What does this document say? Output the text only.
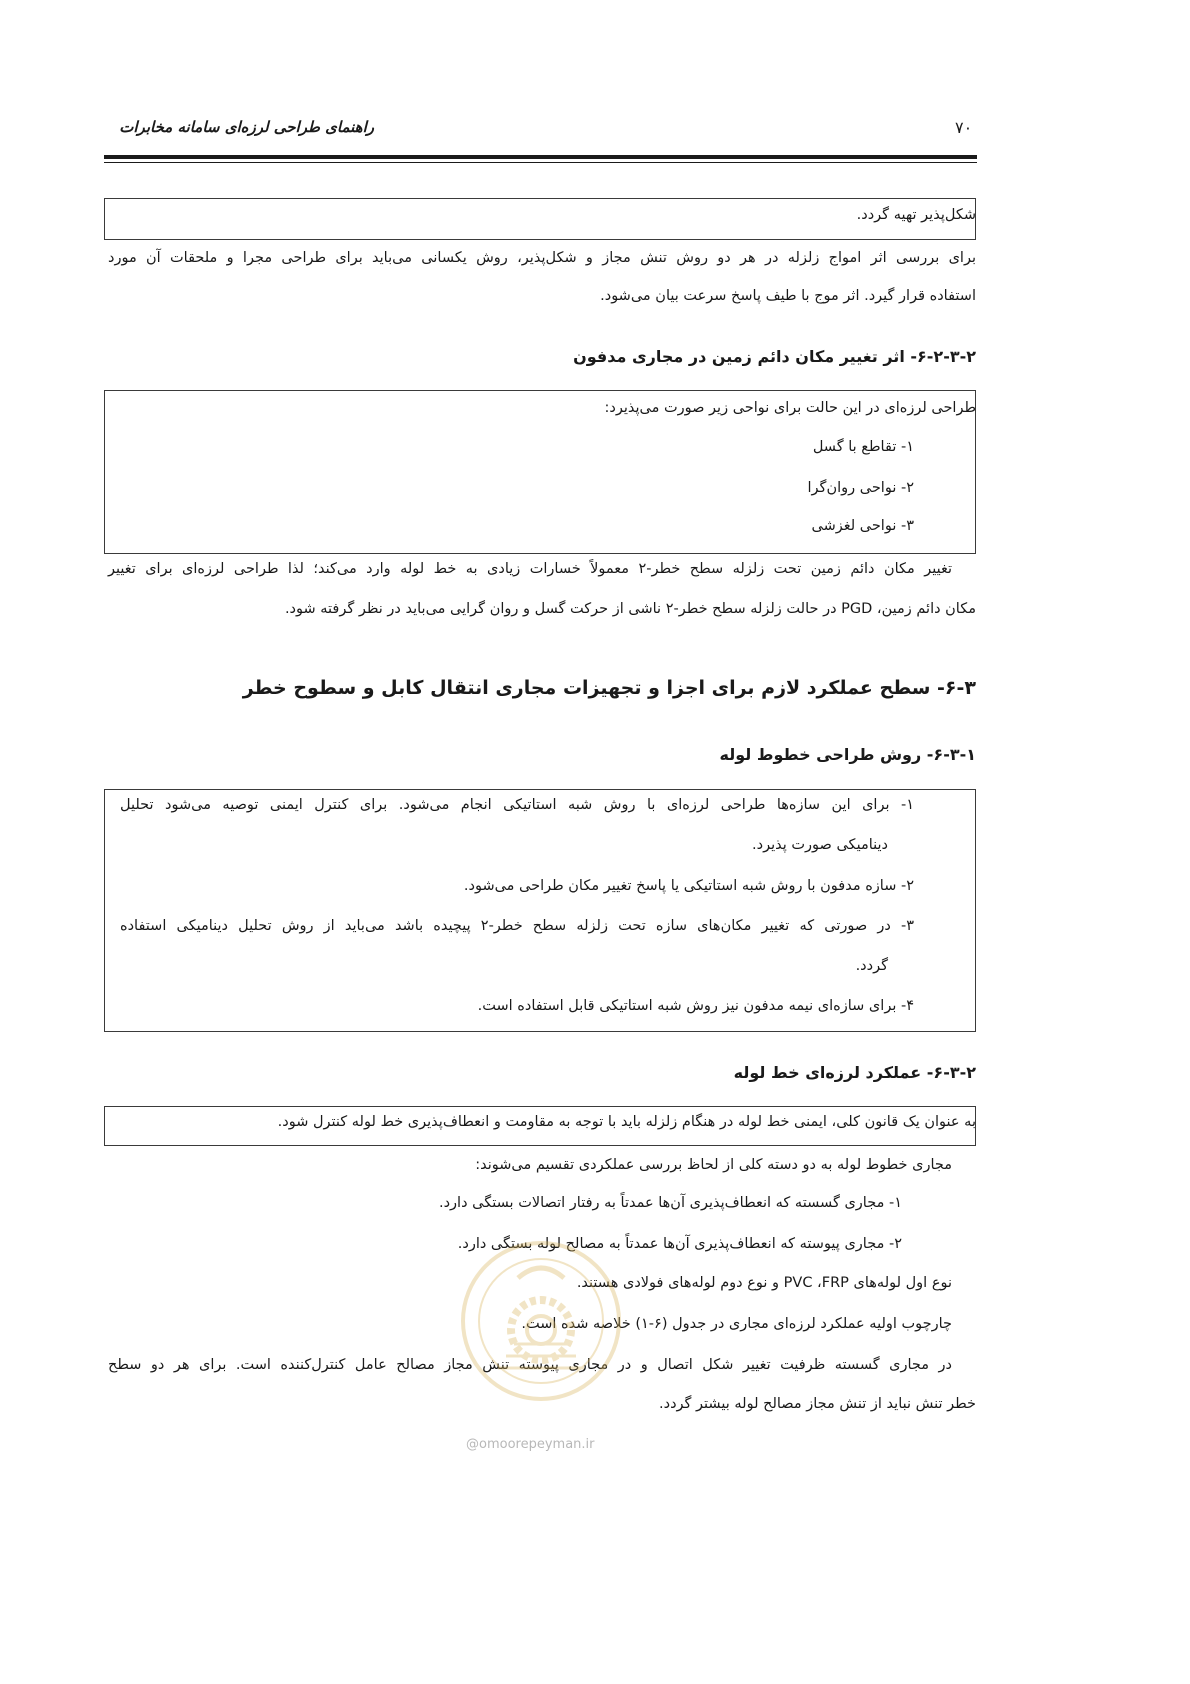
راهنمای طراحی لرزه‌ای سامانه مخابرات	۷۰
شکل‌پذیر تهیه گردد.
برای بررسی اثر امواج زلزله در هر دو روش تنش مجاز و شکل‌پذیر، روش یکسانی می‌باید برای طراحی مجرا و ملحقات آن مورد
استفاده قرار گیرد. اثر موج با طیف پاسخ سرعت بیان می‌شود.
۶-۲-۳-۲- اثر تغییر مکان دائم زمین در مجاری مدفون
طراحی لرزه‌ای در این حالت برای نواحی زیر صورت می‌پذیرد:
۱- تقاطع با گسل
۲- نواحی روان‌گرا
۳- نواحی لغزشی
تغییر مکان دائم زمین تحت زلزله سطح خطر-۲ معمولاً خسارات زیادی به خط لوله وارد می‌کند؛ لذا طراحی لرزه‌ای برای تغییر
مکان دائم زمین، PGD در حالت زلزله سطح خطر-۲ ناشی از حرکت گسل و روان گرایی می‌باید در نظر گرفته شود.
۶-۳- سطح عملکرد لازم برای اجزا و تجهیزات مجاری انتقال کابل و سطوح خطر
۶-۳-۱- روش طراحی خطوط لوله
۱- برای این سازه‌ها طراحی لرزه‌ای با روش شبه استاتیکی انجام می‌شود. برای کنترل ایمنی توصیه می‌شود تحلیل
دینامیکی صورت پذیرد.
۲- سازه مدفون با روش شبه استاتیکی یا پاسخ تغییر مکان طراحی می‌شود.
۳- در صورتی که تغییر مکان‌های سازه تحت زلزله سطح خطر-۲ پیچیده باشد می‌باید از روش تحلیل دینامیکی استفاده
گردد.
۴- برای سازه‌ای نیمه مدفون نیز روش شبه استاتیکی قابل استفاده است.
۶-۳-۲- عملکرد لرزه‌ای خط لوله
به عنوان یک قانون کلی، ایمنی خط لوله در هنگام زلزله باید با توجه به مقاومت و انعطاف‌پذیری خط لوله کنترل شود.
مجاری خطوط لوله به دو دسته کلی از لحاظ بررسی عملکردی تقسیم می‌شوند:
۱- مجاری گسسته که انعطاف‌پذیری آن‌ها عمدتاً به رفتار اتصالات بستگی دارد.
۲- مجاری پیوسته که انعطاف‌پذیری آن‌ها عمدتاً به مصالح لوله بستگی دارد.
نوع اول لوله‌های PVC ،FRP و نوع دوم لوله‌های فولادی هستند.
چارچوب اولیه عملکرد لرزه‌ای مجاری در جدول (۶-۱) خلاصه شده است.
در مجاری گسسته ظرفیت تغییر شکل اتصال و در مجاری پیوسته تنش مجاز مصالح عامل کنترل‌کننده است. برای هر دو سطح
خطر تنش نباید از تنش مجاز مصالح لوله بیشتر گردد.
@omoorepeyman.ir
